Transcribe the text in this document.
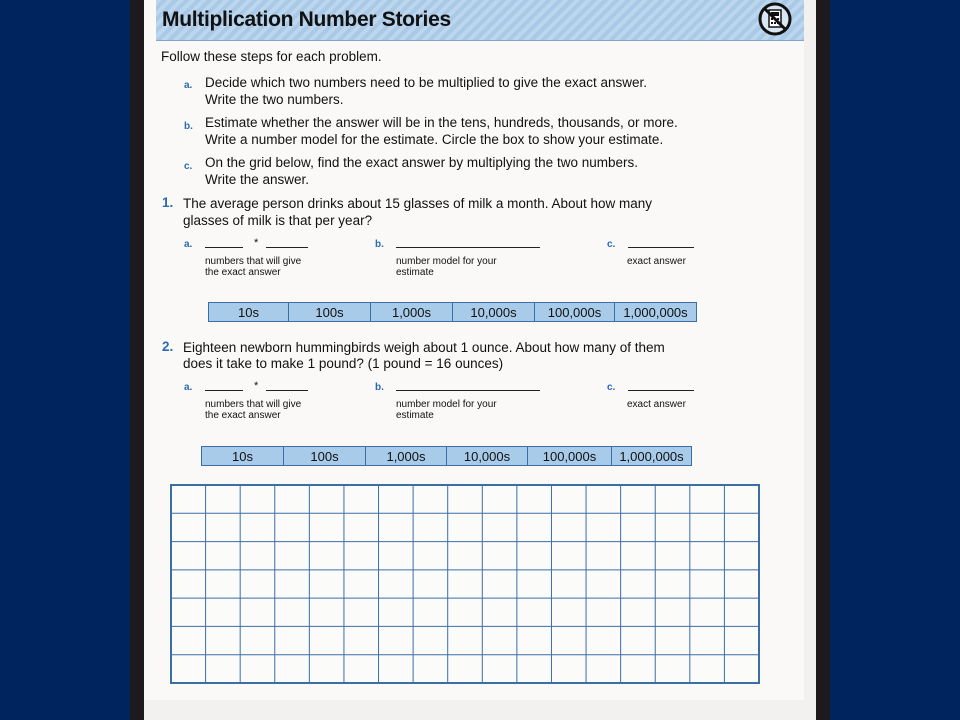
Multiplication Number Stories
Follow these steps for each problem.
a. Decide which two numbers need to be multiplied to give the exact answer.
Write the two numbers.
b. Estimate whether the answer will be in the tens, hundreds, thousands, or more.
Write a number model for the estimate. Circle the box to show your estimate.
c. On the grid below, find the exact answer by multiplying the two numbers.
Write the answer.
1. The average person drinks about 15 glasses of milk a month. About how many
glasses of milk is that per year?
a.	*
numbers that will give
the exact answer
b.
number model for your
estimate
c.
exact answer
10s	100s	1,000s	10,000s	100,000s	1,000,000s
2. Eighteen newborn hummingbirds weigh about 1 ounce. About how many of them
does it take to make 1 pound? (1 pound = 16 ounces)
a.	*
numbers that will give
the exact answer
b.
number model for your
estimate
c.
exact answer
10s	100s	1,000s	10,000s	100,000s	1,000,000s
